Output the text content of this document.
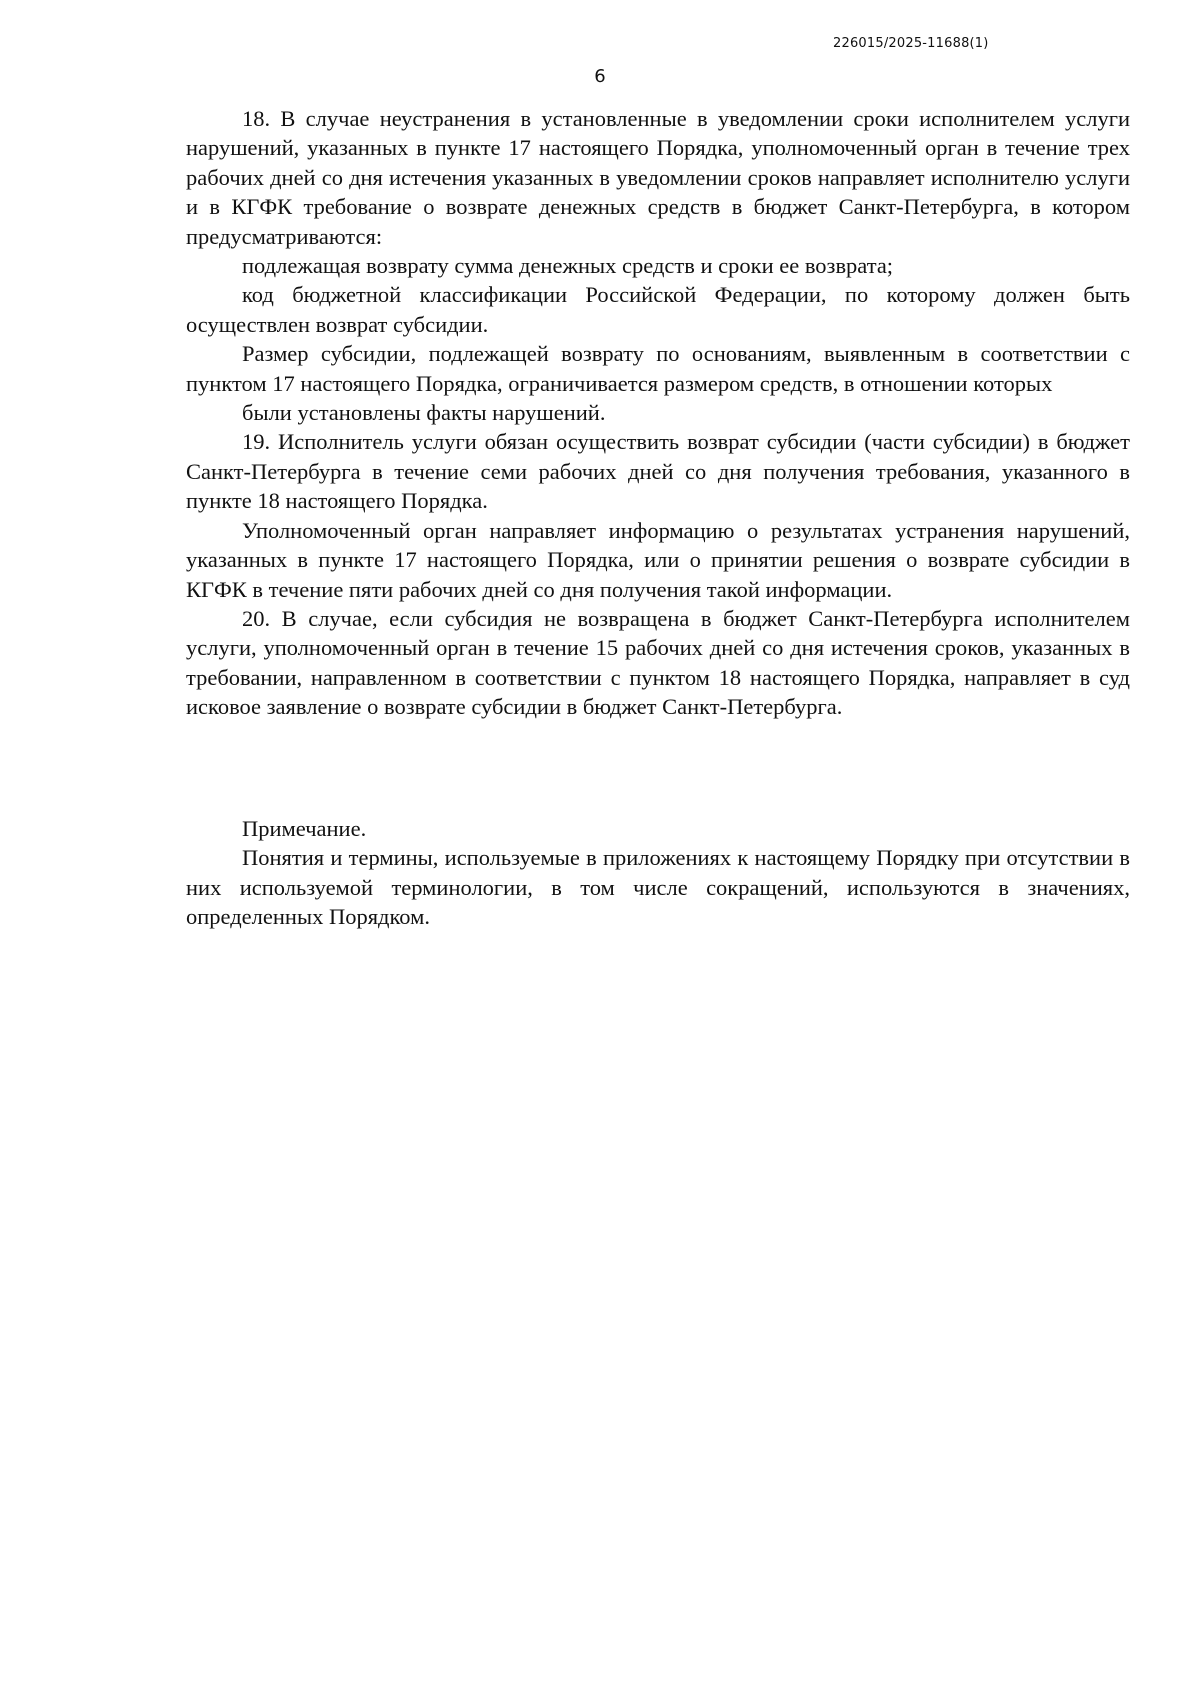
226015/2025-11688(1)
6

18. В случае неустранения в установленные в уведомлении сроки исполнителем услуги нарушений, указанных в пункте 17 настоящего Порядка, уполномоченный орган в течение трех рабочих дней со дня истечения указанных в уведомлении сроков направляет исполнителю услуги и в КГФК требование о возврате денежных средств в бюджет Санкт-Петербурга, в котором предусматриваются:

подлежащая возврату сумма денежных средств и сроки ее возврата;

код бюджетной классификации Российской Федерации, по которому должен быть осуществлен возврат субсидии.

Размер субсидии, подлежащей возврату по основаниям, выявленным в соответствии с пунктом 17 настоящего Порядка, ограничивается размером средств, в отношении которых

были установлены факты нарушений.

19. Исполнитель услуги обязан осуществить возврат субсидии (части субсидии) в бюджет Санкт-Петербурга в течение семи рабочих дней со дня получения требования, указанного в пункте 18 настоящего Порядка.

Уполномоченный орган направляет информацию о результатах устранения нарушений, указанных в пункте 17 настоящего Порядка, или о принятии решения о возврате субсидии в КГФК в течение пяти рабочих дней со дня получения такой информации.

20. В случае, если субсидия не возвращена в бюджет Санкт-Петербурга исполнителем услуги, уполномоченный орган в течение 15 рабочих дней со дня истечения сроков, указанных в требовании, направленном в соответствии с пунктом 18 настоящего Порядка, направляет в суд исковое заявление о возврате субсидии в бюджет Санкт-Петербурга.

Примечание.

Понятия и термины, используемые в приложениях к настоящему Порядку при отсутствии в них используемой терминологии, в том числе сокращений, используются в значениях, определенных Порядком.
